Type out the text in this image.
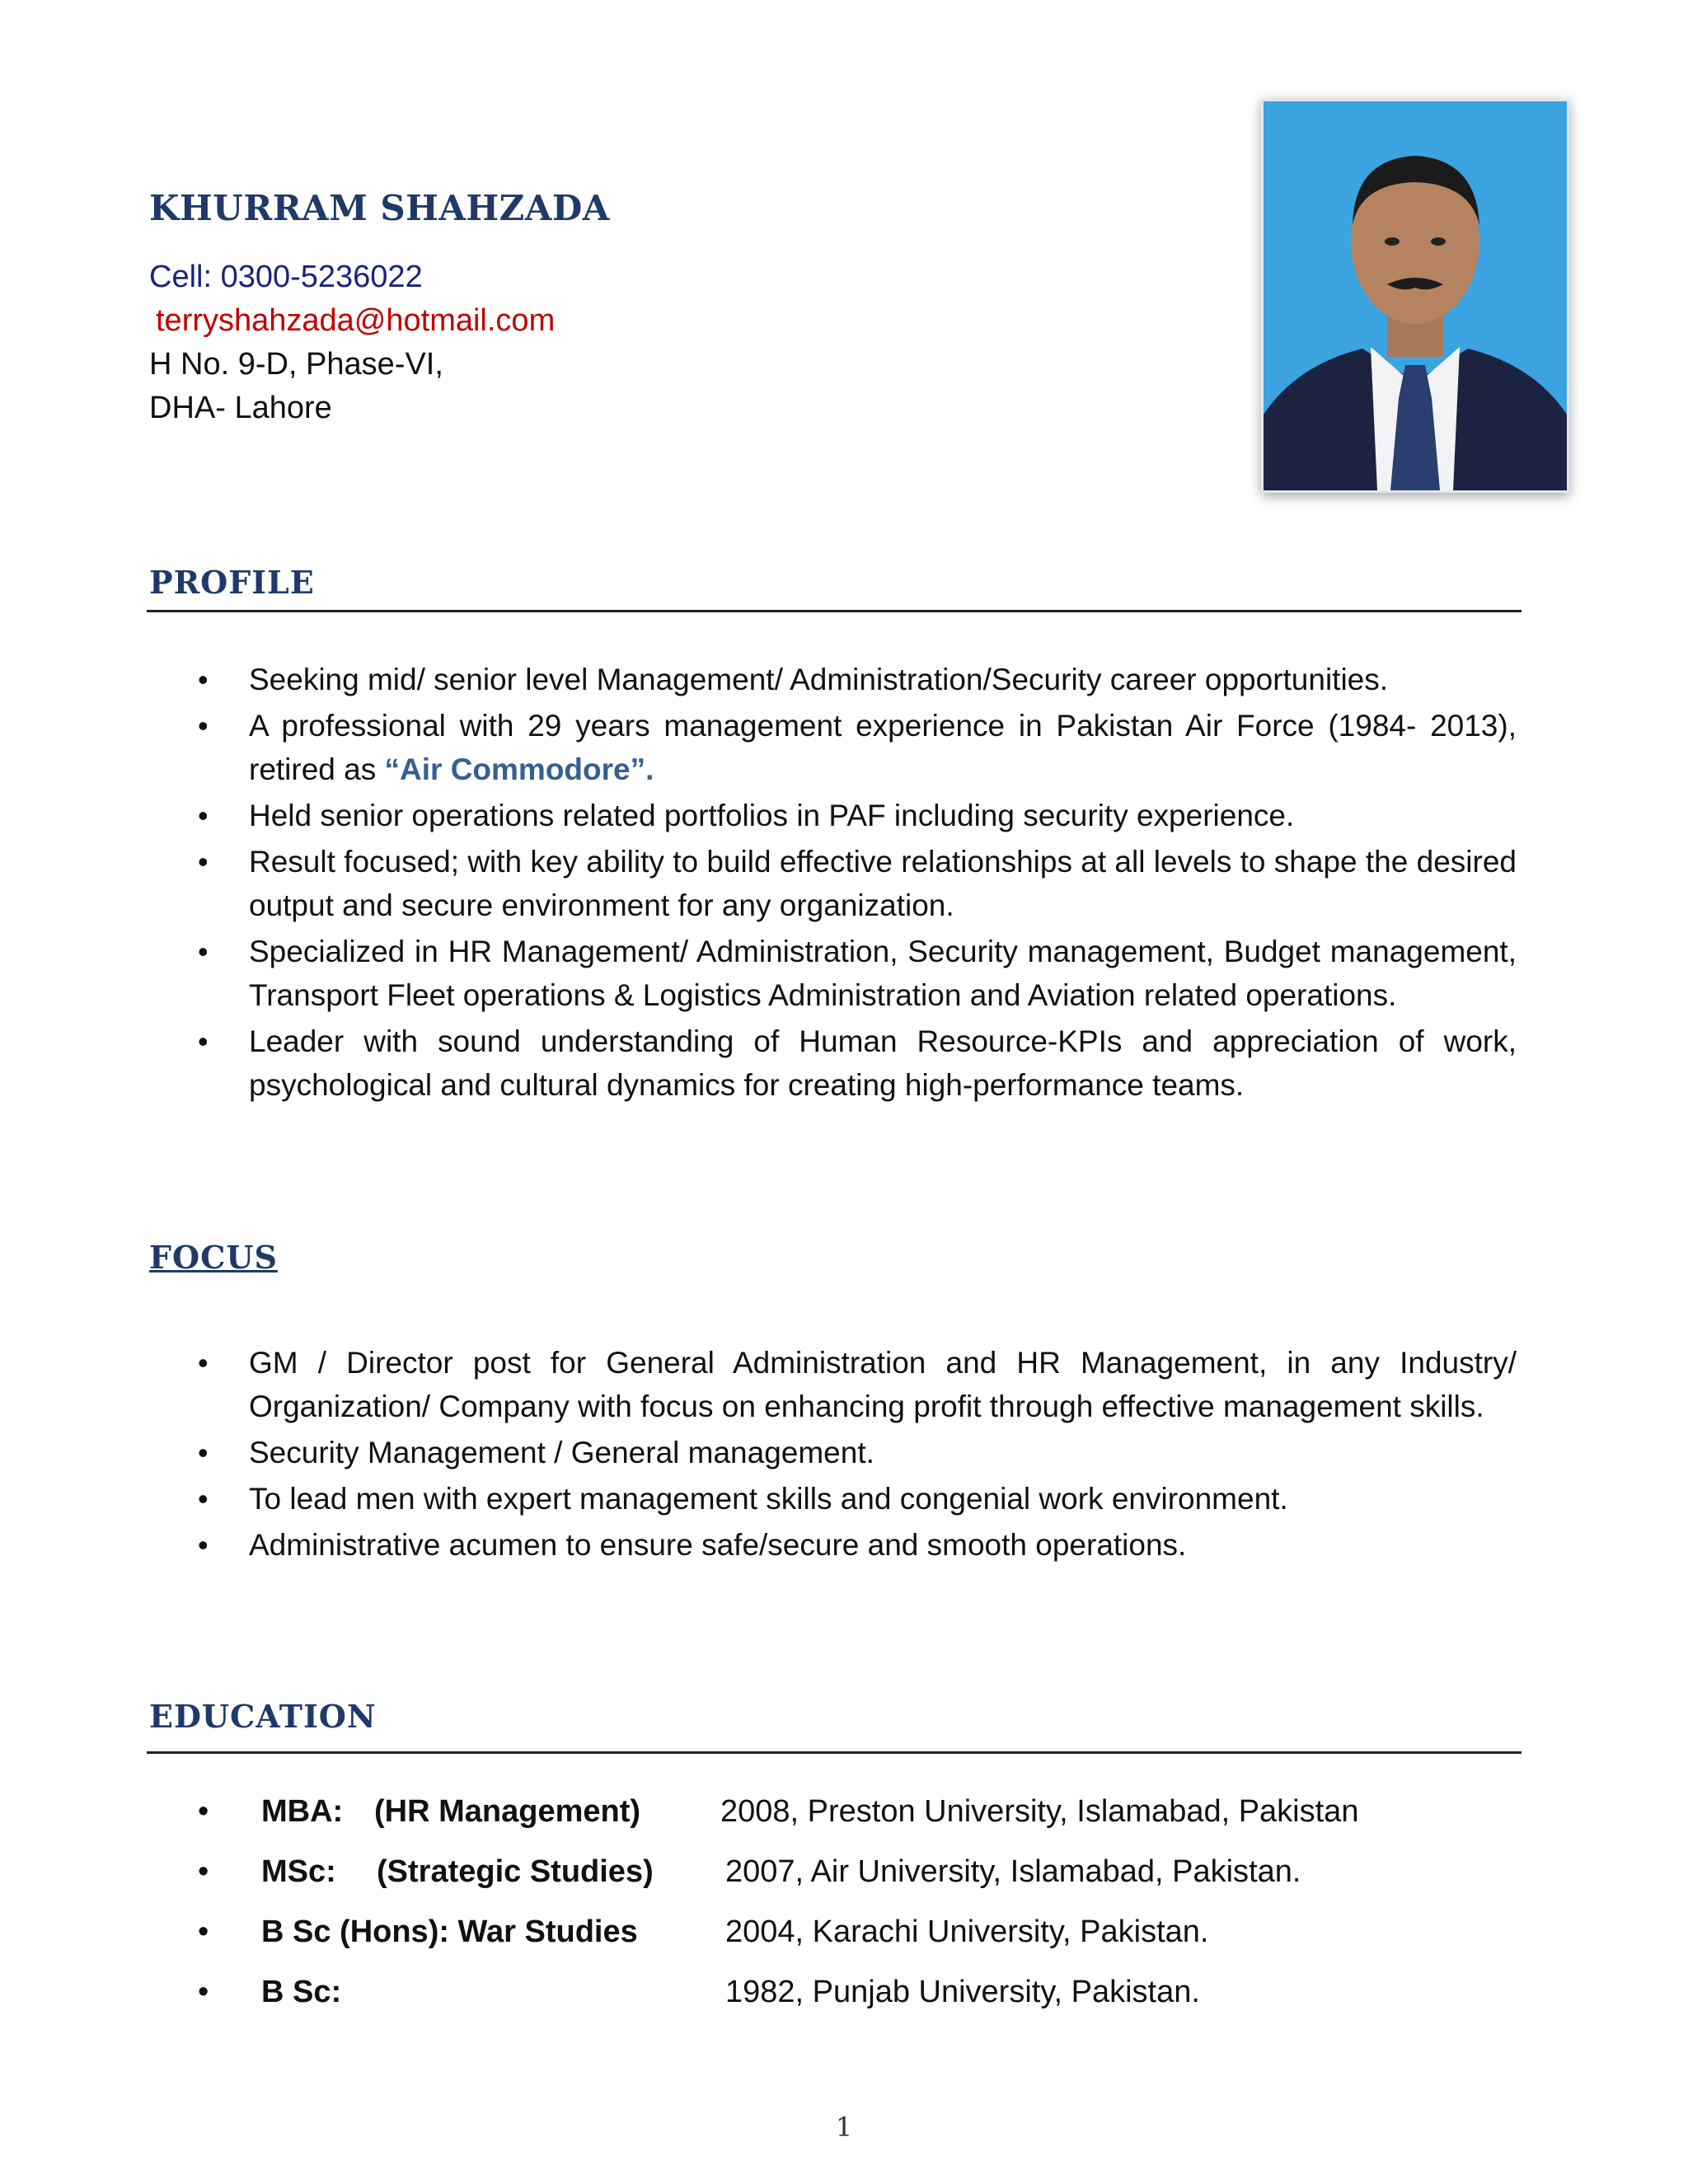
KHURRAM SHAHZADA
Cell: 0300-5236022
terryshahzada@hotmail.com
H No. 9-D, Phase-VI,
DHA- Lahore
PROFILE
• Seeking mid/ senior level Management/ Administration/Security career opportunities.
• A professional with 29 years management experience in Pakistan Air Force (1984- 2013), retired as “Air Commodore”.
• Held senior operations related portfolios in PAF including security experience.
• Result focused; with key ability to build effective relationships at all levels to shape the desired output and secure environment for any organization.
• Specialized in HR Management/ Administration, Security management, Budget management, Transport Fleet operations & Logistics Administration and Aviation related operations.
• Leader with sound understanding of Human Resource-KPIs and appreciation of work, psychological and cultural dynamics for creating high-performance teams.
FOCUS
• GM / Director post for General Administration and HR Management, in any Industry/ Organization/ Company with focus on enhancing profit through effective management skills.
• Security Management / General management.
• To lead men with expert management skills and congenial work environment.
• Administrative acumen to ensure safe/secure and smooth operations.
EDUCATION
MBA: (HR Management)	2008, Preston University, Islamabad, Pakistan
MSc: (Strategic Studies) 2007, Air University, Islamabad, Pakistan.
B Sc (Hons): War Studies	2004, Karachi University, Pakistan.
B Sc:	1982, Punjab University, Pakistan.
1
